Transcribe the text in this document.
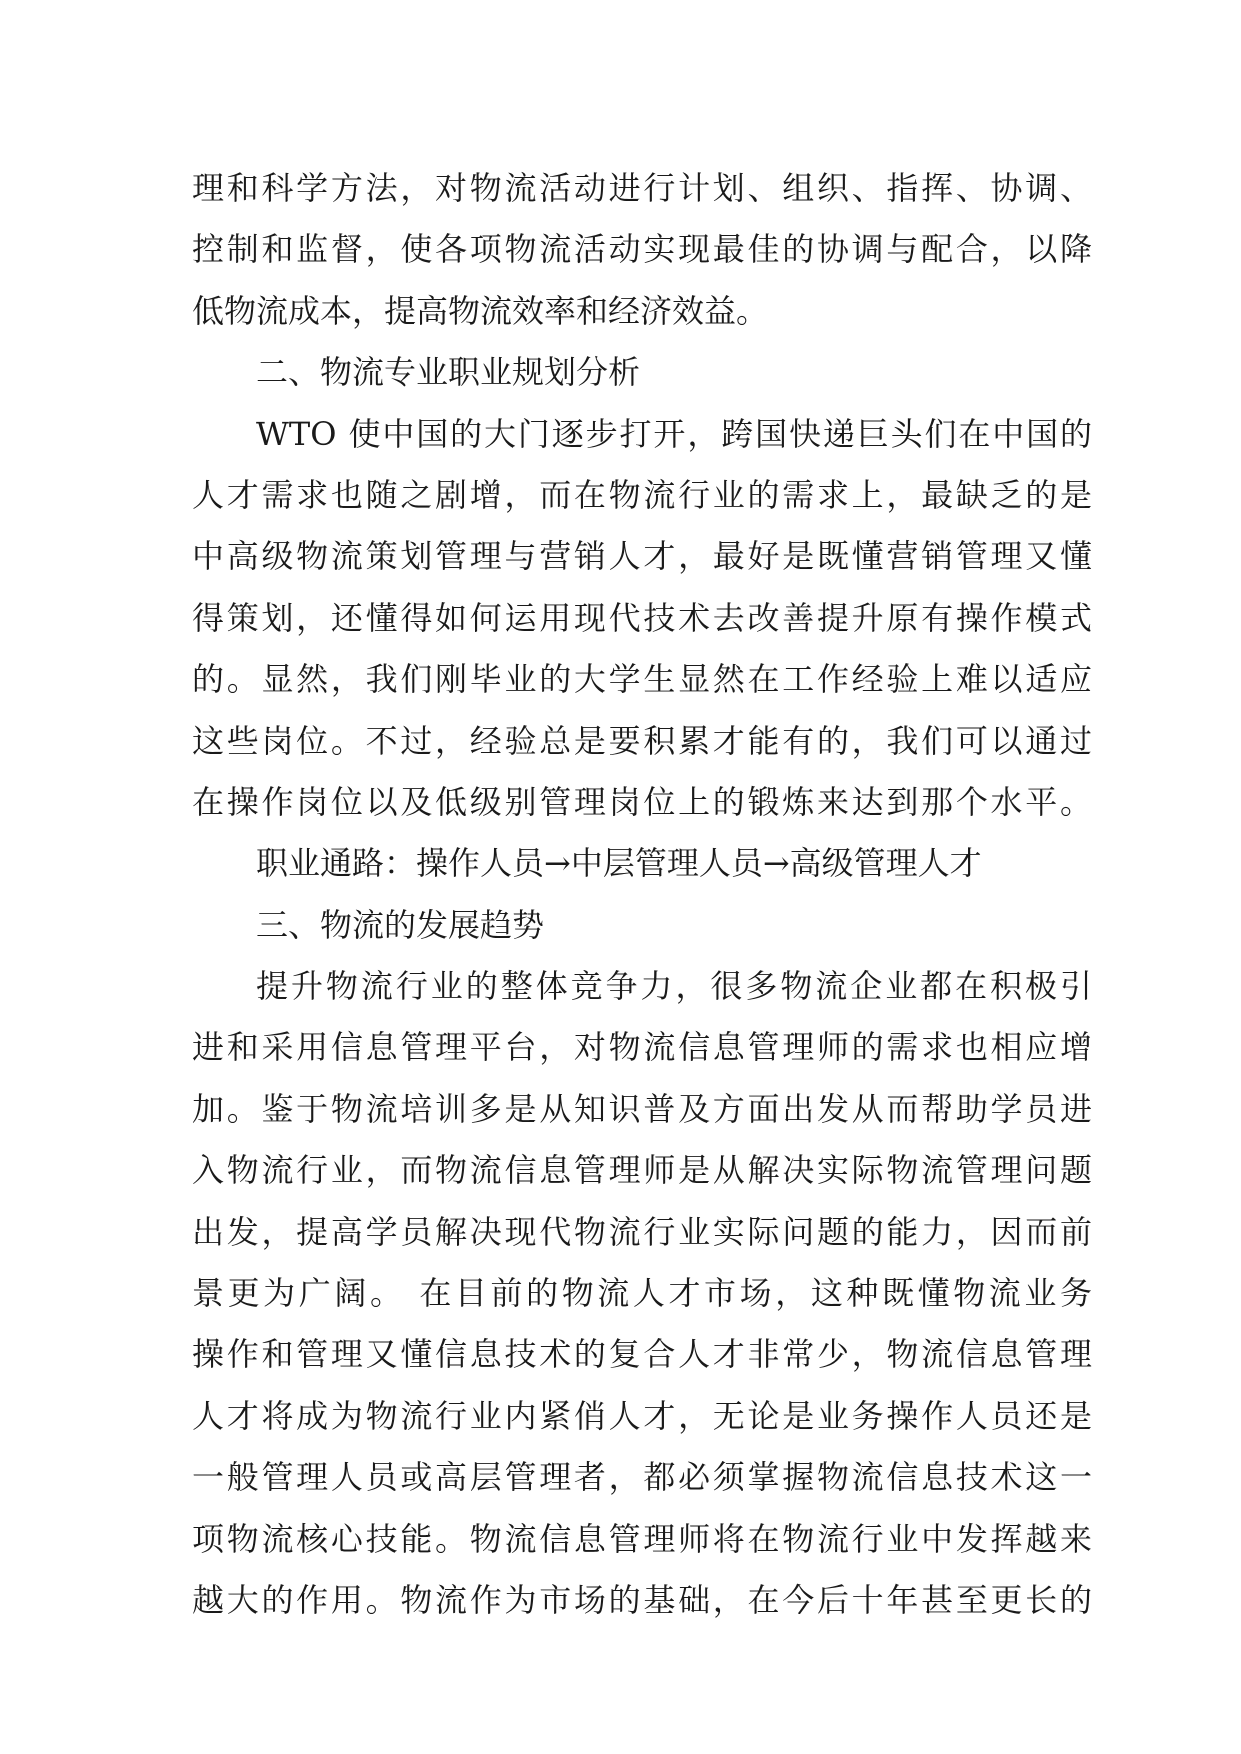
理和科学方法，对物流活动进行计划、组织、指挥、协调、
控制和监督，使各项物流活动实现最佳的协调与配合，以降
低物流成本，提高物流效率和经济效益。
二、物流专业职业规划分析
WTO 使中国的大门逐步打开，跨国快递巨头们在中国的
人才需求也随之剧增，而在物流行业的需求上，最缺乏的是
中高级物流策划管理与营销人才，最好是既懂营销管理又懂
得策划，还懂得如何运用现代技术去改善提升原有操作模式
的。显然，我们刚毕业的大学生显然在工作经验上难以适应
这些岗位。不过，经验总是要积累才能有的，我们可以通过
在操作岗位以及低级别管理岗位上的锻炼来达到那个水平。
职业通路：操作人员→中层管理人员→高级管理人才
三、物流的发展趋势
提升物流行业的整体竞争力，很多物流企业都在积极引
进和采用信息管理平台，对物流信息管理师的需求也相应增
加。鉴于物流培训多是从知识普及方面出发从而帮助学员进
入物流行业，而物流信息管理师是从解决实际物流管理问题
出发，提高学员解决现代物流行业实际问题的能力，因而前
景更为广阔。 在目前的物流人才市场，这种既懂物流业务
操作和管理又懂信息技术的复合人才非常少，物流信息管理
人才将成为物流行业内紧俏人才，无论是业务操作人员还是
一般管理人员或高层管理者，都必须掌握物流信息技术这一
项物流核心技能。物流信息管理师将在物流行业中发挥越来
越大的作用。物流作为市场的基础，在今后十年甚至更长的
